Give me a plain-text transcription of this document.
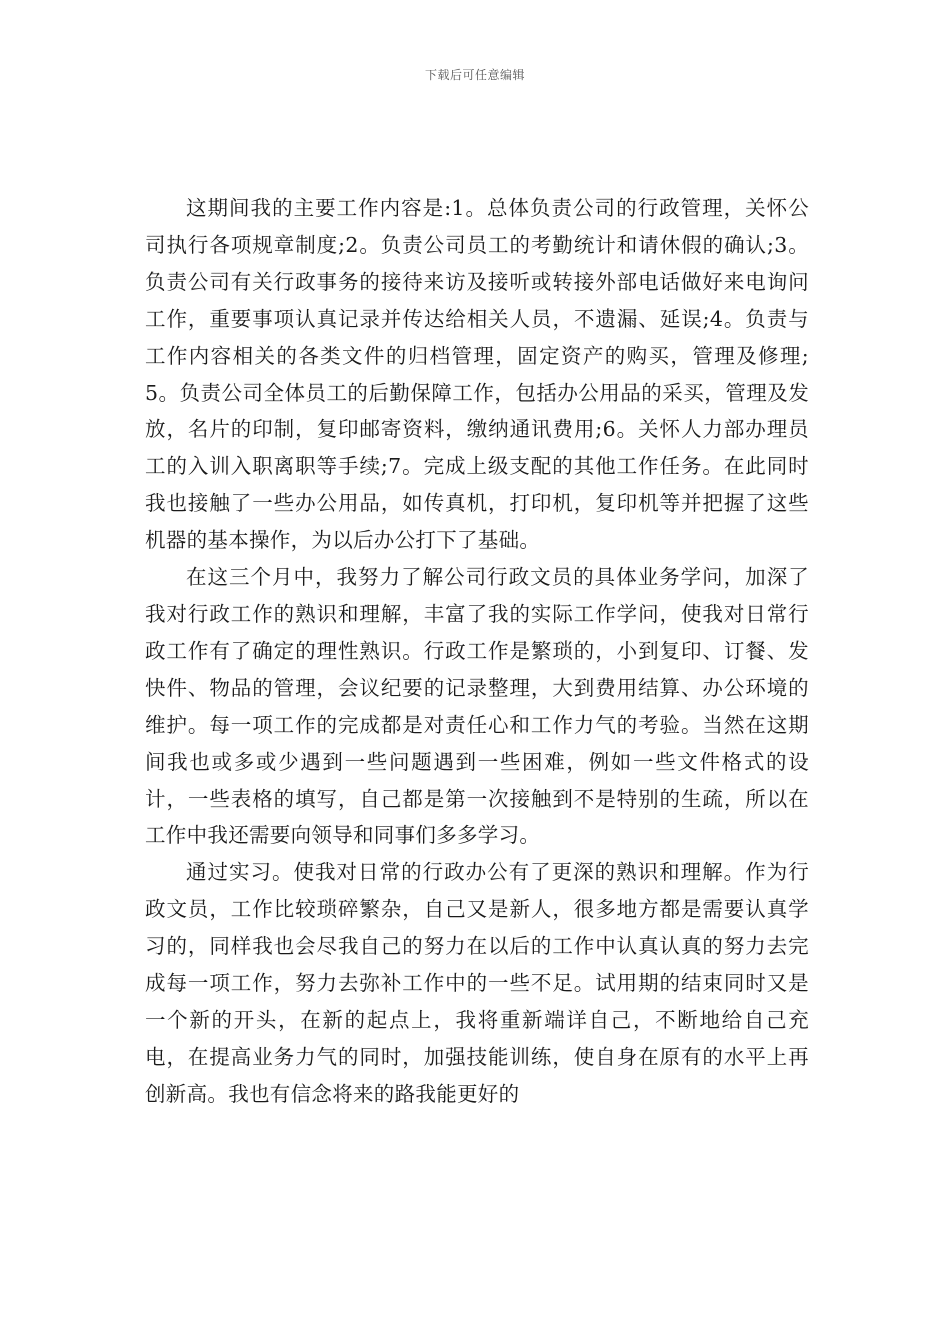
下载后可任意编辑

这期间我的主要工作内容是:1。总体负责公司的行政管理，关怀公司执行各项规章制度;2。负责公司员工的考勤统计和请休假的确认;3。负责公司有关行政事务的接待来访及接听或转接外部电话做好来电询问工作，重要事项认真记录并传达给相关人员，不遗漏、延误;4。负责与工作内容相关的各类文件的归档管理，固定资产的购买，管理及修理;5。负责公司全体员工的后勤保障工作，包括办公用品的采买，管理及发放，名片的印制，复印邮寄资料，缴纳通讯费用;6。关怀人力部办理员工的入训入职离职等手续;7。完成上级支配的其他工作任务。在此同时我也接触了一些办公用品，如传真机，打印机，复印机等并把握了这些机器的基本操作，为以后办公打下了基础。

在这三个月中，我努力了解公司行政文员的具体业务学问，加深了我对行政工作的熟识和理解，丰富了我的实际工作学问，使我对日常行政工作有了确定的理性熟识。行政工作是繁琐的，小到复印、订餐、发快件、物品的管理，会议纪要的记录整理，大到费用结算、办公环境的维护。每一项工作的完成都是对责任心和工作力气的考验。当然在这期间我也或多或少遇到一些问题遇到一些困难，例如一些文件格式的设计，一些表格的填写，自己都是第一次接触到不是特别的生疏，所以在工作中我还需要向领导和同事们多多学习。

通过实习。使我对日常的行政办公有了更深的熟识和理解。作为行政文员，工作比较琐碎繁杂，自己又是新人，很多地方都是需要认真学习的，同样我也会尽我自己的努力在以后的工作中认真认真的努力去完成每一项工作，努力去弥补工作中的一些不足。试用期的结束同时又是一个新的开头，在新的起点上，我将重新端详自己，不断地给自己充电，在提高业务力气的同时，加强技能训练，使自身在原有的水平上再创新高。我也有信念将来的路我能更好的
